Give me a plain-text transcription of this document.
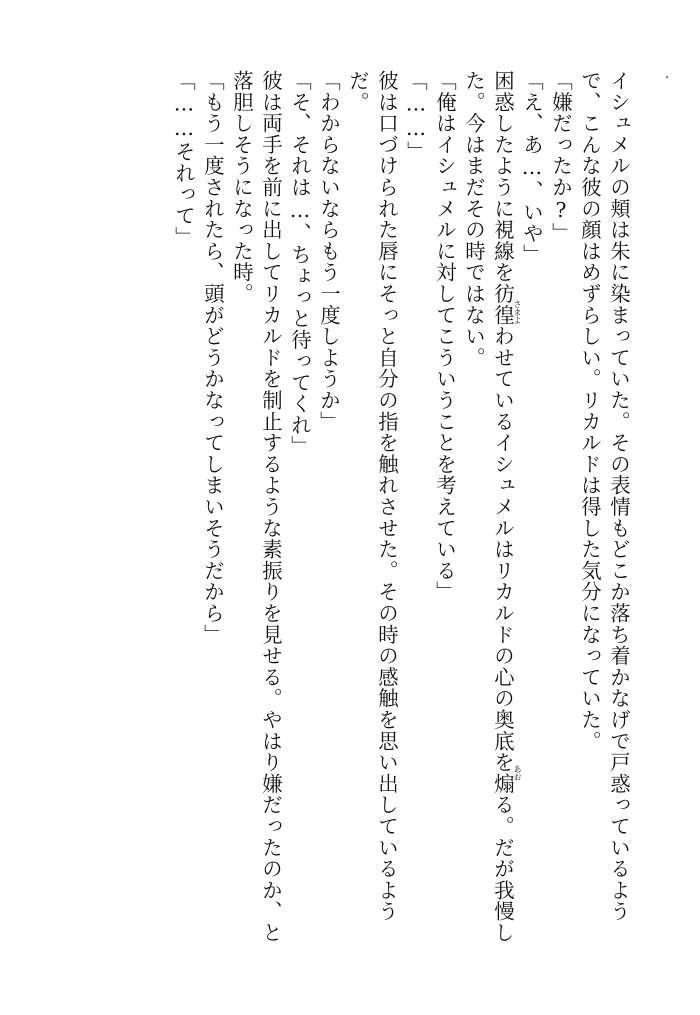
イシュメルの頬は朱に染まっていた。その表情もどこか落ち着かなげで戸惑っているよう
で、こんな彼の顔はめずらしい。リカルドは得した気分になっていた。
「嫌だったか?」
「え、あ…、いや」
困惑したように視線を彷徨わせているイシュメルはリカルドの心の奥底を煽る。だが我慢し
た。今はまだその時ではない。
「俺はイシュメルに対してこういうことを考えている」
「……」
彼は口づけられた唇にそっと自分の指を触れさせた。その時の感触を思い出しているよう
だ。
「わからないならもう一度しようか」
「そ、それは…、ちょっと待ってくれ」
彼は両手を前に出してリカルドを制止するような素振りを見せる。やはり嫌だったのか、と
落胆しそうになった時。
「もう一度されたら、頭がどうかなってしまいそうだから」
「……それって」
さまよ
あお
